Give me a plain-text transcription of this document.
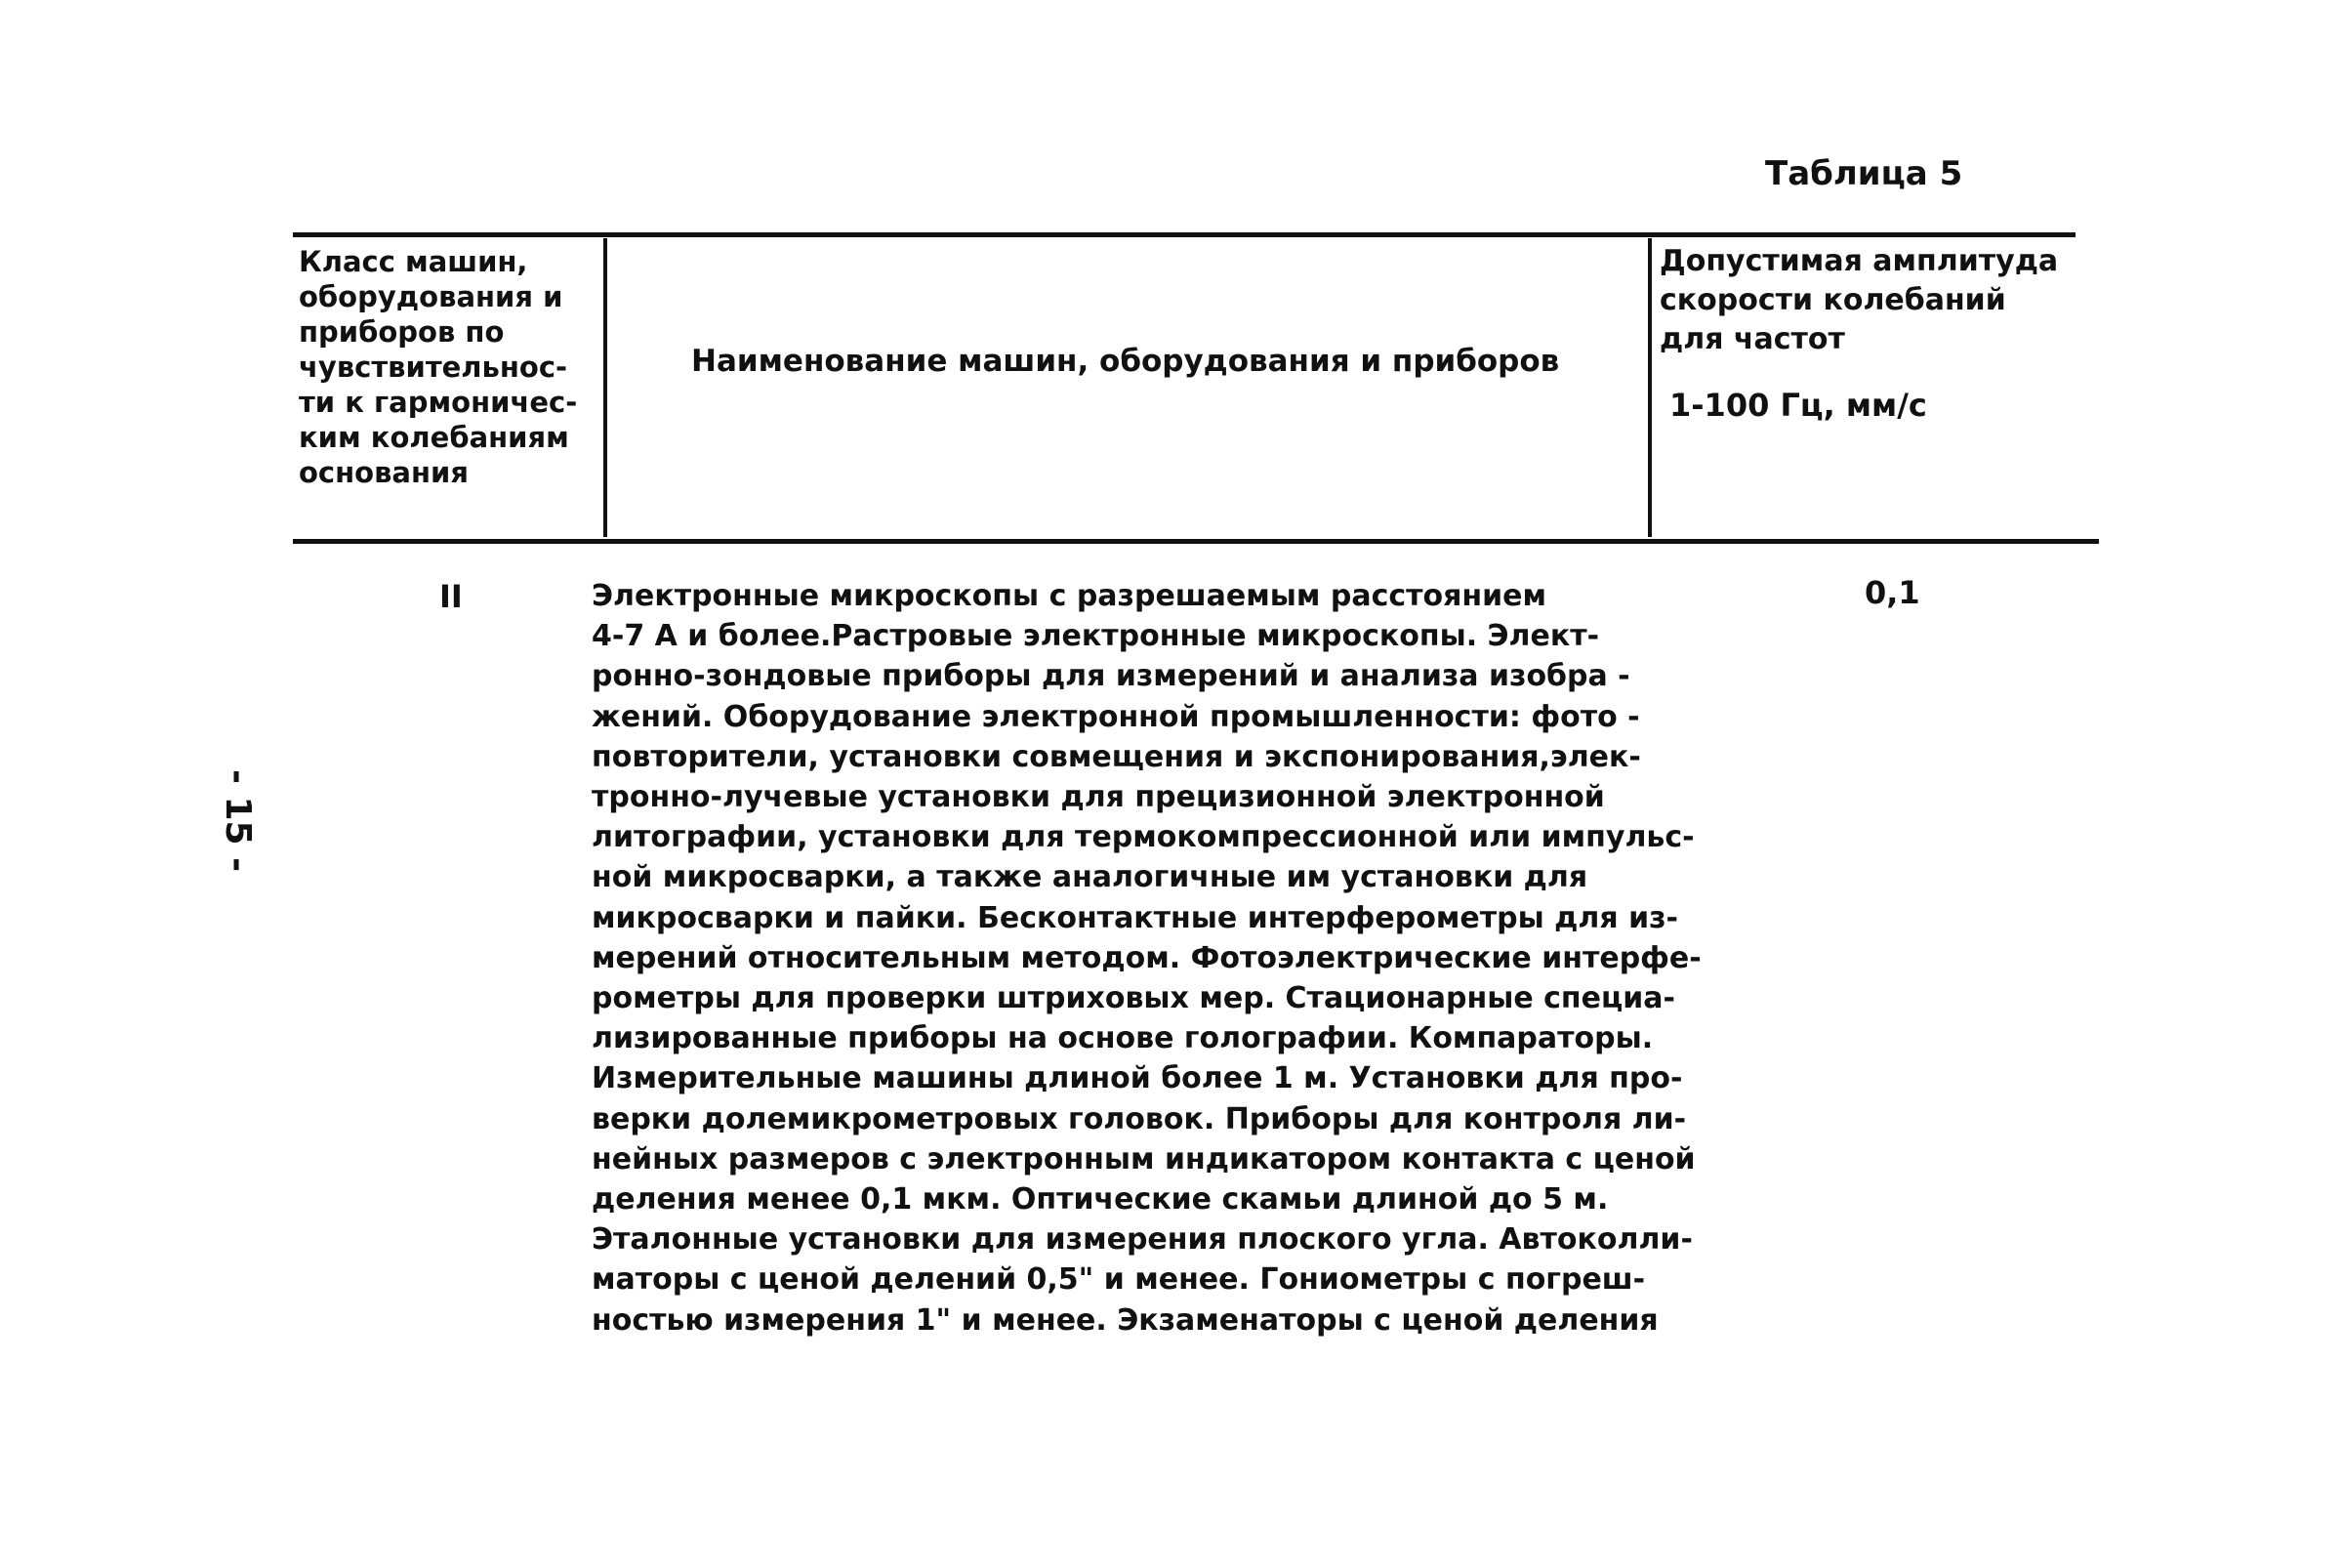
Таблица 5
Класс машин,
оборудования и
приборов по
чувствительнос-
ти к гармоничес-
ким колебаниям
основания
Наименование машин, оборудования и приборов
Допустимая амплитуда
скорости колебаний
для частот
1-100 Гц, мм/с
II	0,1
Электронные микроскопы с разрешаемым расстоянием
4-7 А и более.Растровые электронные микроскопы. Элект-
ронно-зондовые приборы для измерений и анализа изобра -
жений. Оборудование электронной промышленности: фото -
повторители, установки совмещения и экспонирования,элек-
тронно-лучевые установки для прецизионной электронной
литографии, установки для термокомпрессионной или импульс-
ной микросварки, а также аналогичные им установки для
микросварки и пайки. Бесконтактные интерферометры для из-
мерений относительным методом. Фотоэлектрические интерфе-
рометры для проверки штриховых мер. Стационарные специа-
лизированные приборы на основе голографии. Компараторы.
Измерительные машины длиной более 1 м. Установки для про-
верки долемикрометровых головок. Приборы для контроля ли-
нейных размеров с электронным индикатором контакта с ценой
деления менее 0,1 мкм. Оптические скамьи длиной до 5 м.
Эталонные установки для измерения плоского угла. Автоколли-
маторы с ценой делений 0,5" и менее. Гониометры с погреш-
ностью измерения 1" и менее. Экзаменаторы с ценой деления
- 15 -
